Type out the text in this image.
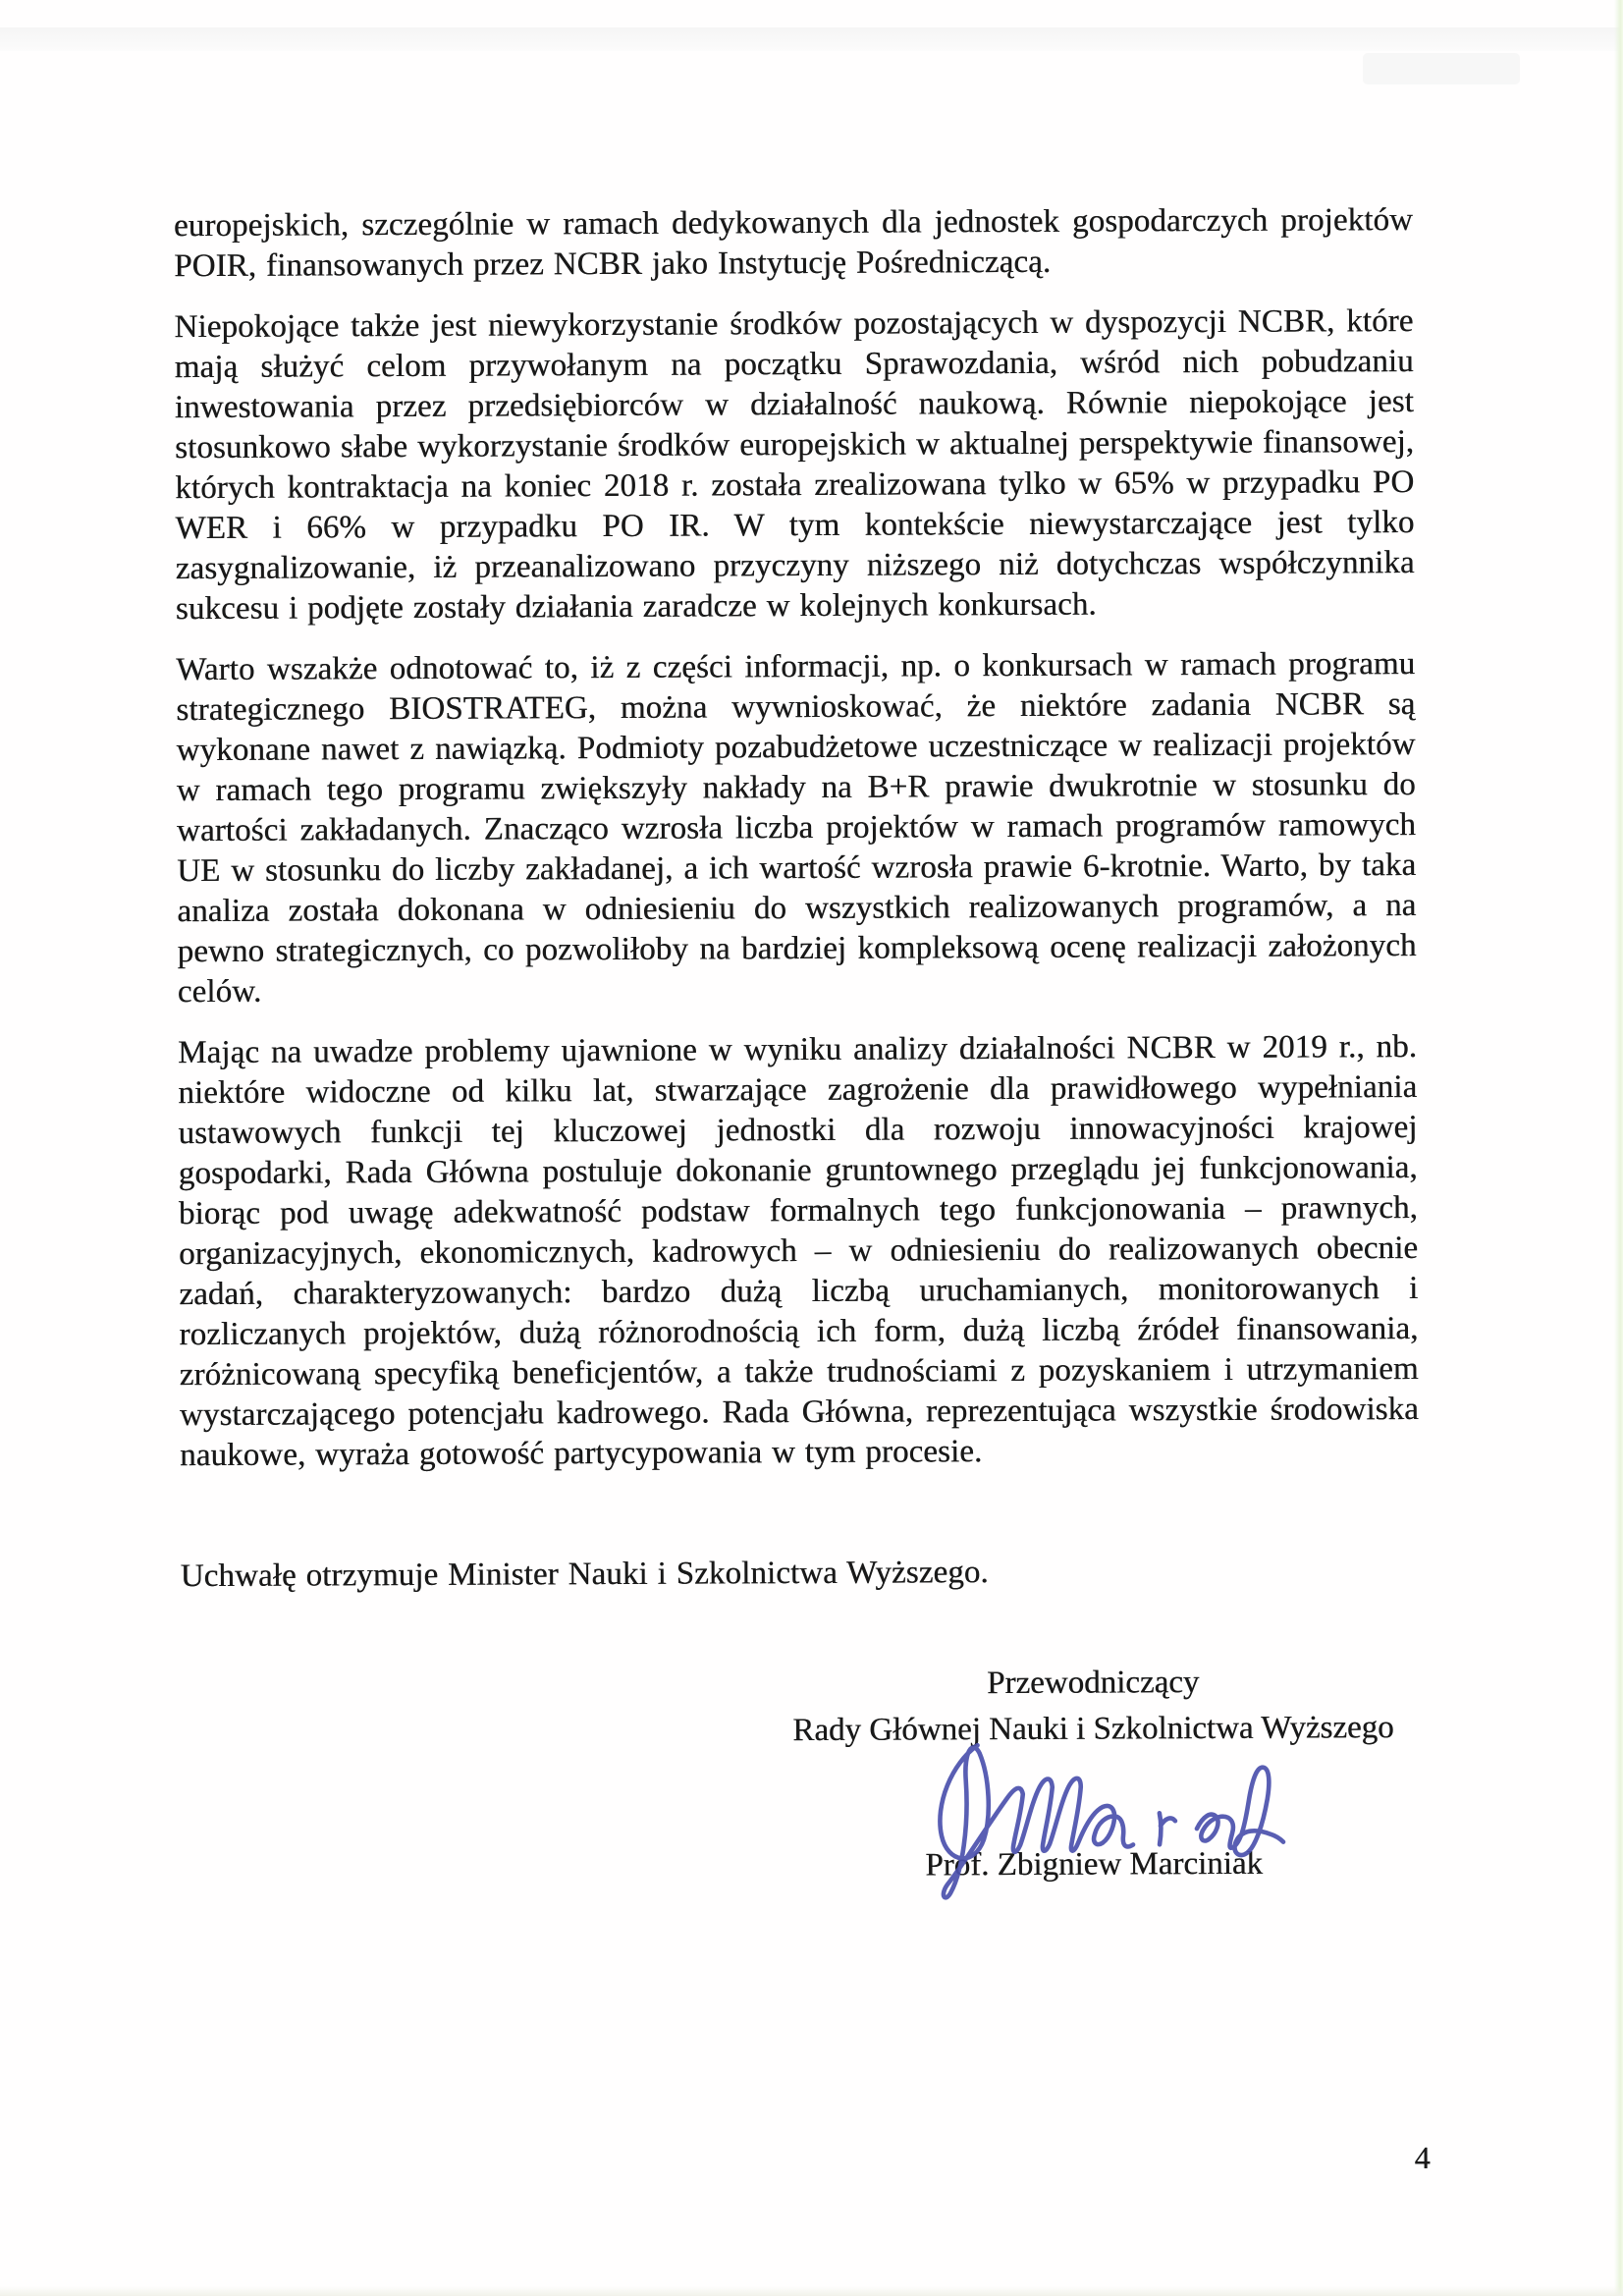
europejskich, szczególnie w ramach dedykowanych dla jednostek gospodarczych projektów POIR, finansowanych przez NCBR jako Instytucję Pośredniczącą.

Niepokojące także jest niewykorzystanie środków pozostających w dyspozycji NCBR, które mają służyć celom przywołanym na początku Sprawozdania, wśród nich pobudzaniu inwestowania przez przedsiębiorców w działalność naukową. Równie niepokojące jest stosunkowo słabe wykorzystanie środków europejskich w aktualnej perspektywie finansowej, których kontraktacja na koniec 2018 r. została zrealizowana tylko w 65% w przypadku PO WER i 66% w przypadku PO IR. W tym kontekście niewystarczające jest tylko zasygnalizowanie, iż przeanalizowano przyczyny niższego niż dotychczas współczynnika sukcesu i podjęte zostały działania zaradcze w kolejnych konkursach.

Warto wszakże odnotować to, iż z części informacji, np. o konkursach w ramach programu strategicznego BIOSTRATEG, można wywnioskować, że niektóre zadania NCBR są wykonane nawet z nawiązką. Podmioty pozabudżetowe uczestniczące w realizacji projektów w ramach tego programu zwiększyły nakłady na B+R prawie dwukrotnie w stosunku do wartości zakładanych. Znacząco wzrosła liczba projektów w ramach programów ramowych UE w stosunku do liczby zakładanej, a ich wartość wzrosła prawie 6-krotnie. Warto, by taka analiza została dokonana w odniesieniu do wszystkich realizowanych programów, a na pewno strategicznych, co pozwoliłoby na bardziej kompleksową ocenę realizacji założonych celów.

Mając na uwadze problemy ujawnione w wyniku analizy działalności NCBR w 2019 r., nb. niektóre widoczne od kilku lat, stwarzające zagrożenie dla prawidłowego wypełniania ustawowych funkcji tej kluczowej jednostki dla rozwoju innowacyjności krajowej gospodarki, Rada Główna postuluje dokonanie gruntownego przeglądu jej funkcjonowania, biorąc pod uwagę adekwatność podstaw formalnych tego funkcjonowania – prawnych, organizacyjnych, ekonomicznych, kadrowych – w odniesieniu do realizowanych obecnie zadań, charakteryzowanych: bardzo dużą liczbą uruchamianych, monitorowanych i rozliczanych projektów, dużą różnorodnością ich form, dużą liczbą źródeł finansowania, zróżnicowaną specyfiką beneficjentów, a także trudnościami z pozyskaniem i utrzymaniem wystarczającego potencjału kadrowego. Rada Główna, reprezentująca wszystkie środowiska naukowe, wyraża gotowość partycypowania w tym procesie.

Uchwałę otrzymuje Minister Nauki i Szkolnictwa Wyższego.

Przewodniczący
Rady Głównej Nauki i Szkolnictwa Wyższego
Prof. Zbigniew Marciniak
4
